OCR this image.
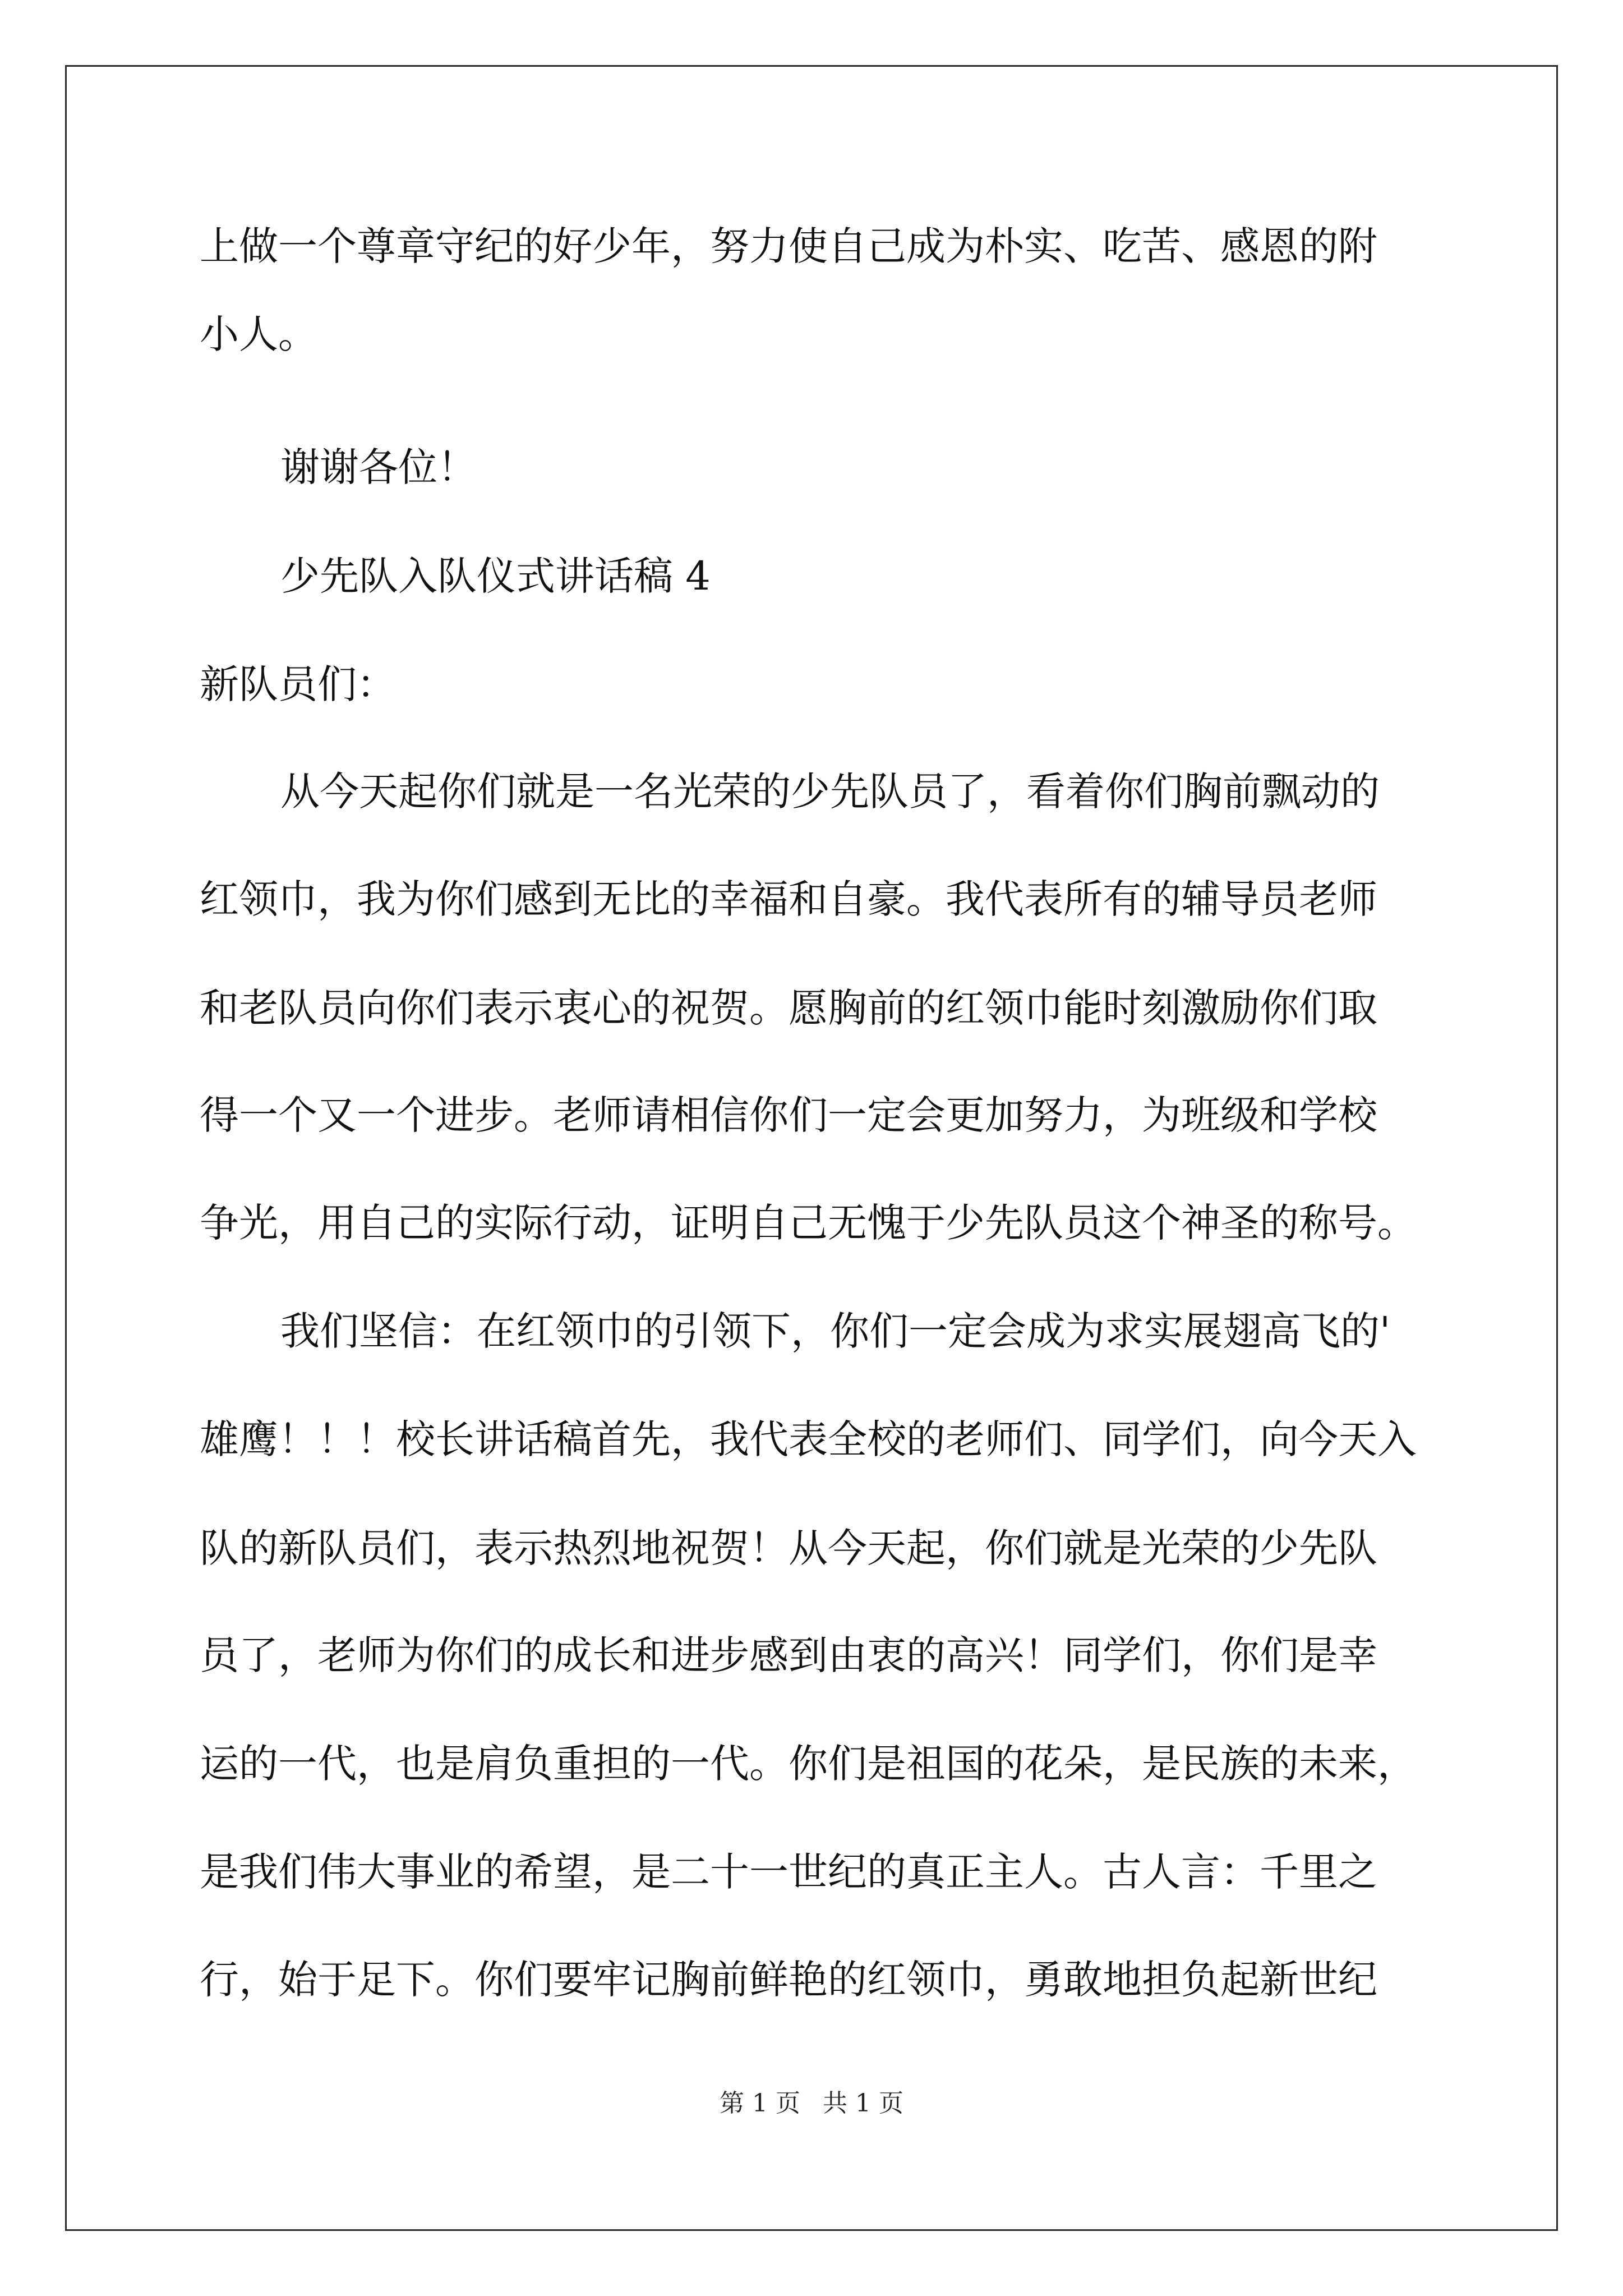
上做一个尊章守纪的好少年，努力使自己成为朴实、吃苦、感恩的附
小人。
谢谢各位！
少先队入队仪式讲话稿 4
新队员们：
从今天起你们就是一名光荣的少先队员了，看着你们胸前飘动的
红领巾，我为你们感到无比的幸福和自豪。我代表所有的辅导员老师
和老队员向你们表示衷心的祝贺。愿胸前的红领巾能时刻激励你们取
得一个又一个进步。老师请相信你们一定会更加努力，为班级和学校
争光，用自己的实际行动，证明自己无愧于少先队员这个神圣的称号。
我们坚信：在红领巾的引领下，你们一定会成为求实展翅高飞的'
雄鹰！！！校长讲话稿首先，我代表全校的老师们、同学们，向今天入
队的新队员们，表示热烈地祝贺！从今天起，你们就是光荣的少先队
员了，老师为你们的成长和进步感到由衷的高兴！同学们，你们是幸
运的一代，也是肩负重担的一代。你们是祖国的花朵，是民族的未来，
是我们伟大事业的希望，是二十一世纪的真正主人。古人言：千里之
行，始于足下。你们要牢记胸前鲜艳的红领巾，勇敢地担负起新世纪
第 1 页 共 1 页
